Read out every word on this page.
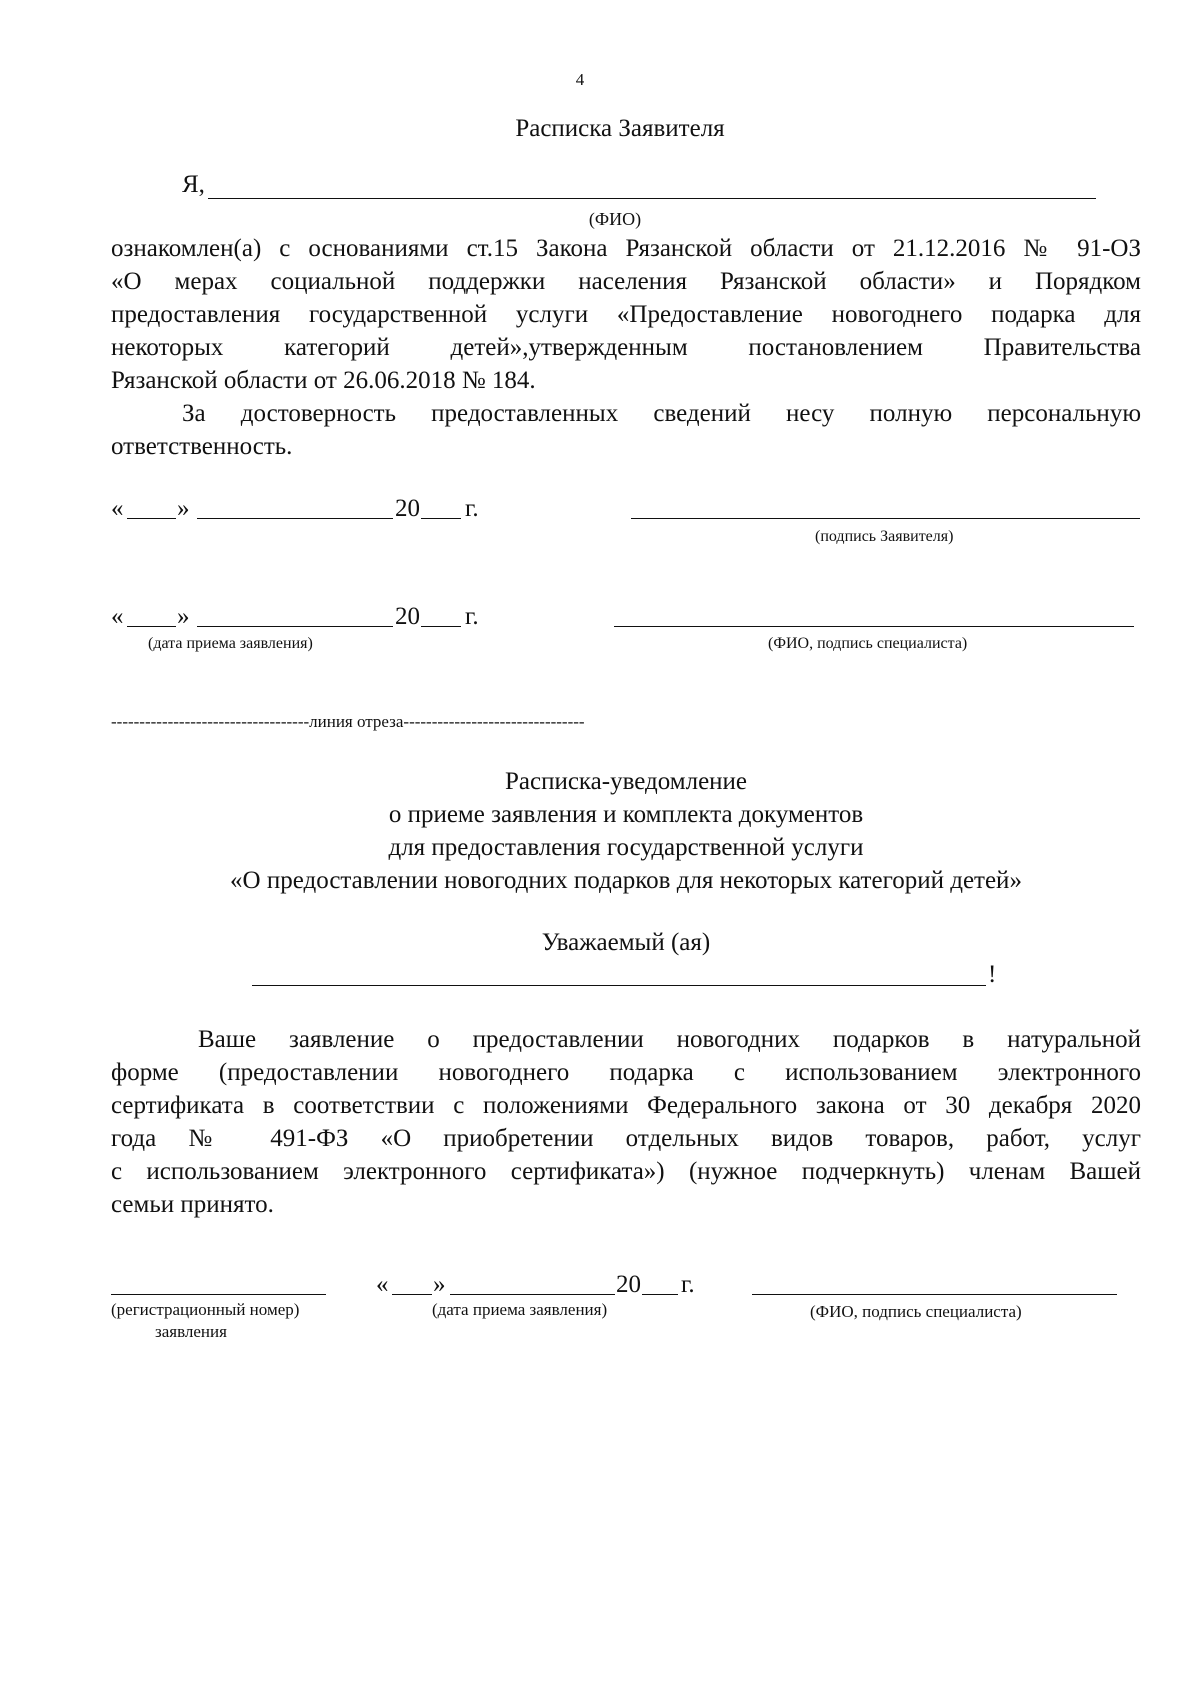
4
Расписка Заявителя
Я,
(ФИО)
ознакомлен(а) с основаниями ст.15 Закона Рязанской области от 21.12.2016 № 91-ОЗ
«О мерах социальной поддержки населения Рязанской области» и Порядком
предоставления государственной услуги «Предоставление новогоднего подарка для
некоторых категорий детей»,утвержденным постановлением Правительства
Рязанской области от 26.06.2018 № 184.
За достоверность предоставленных сведений несу полную персональную
ответственность.
« »	20 г.
(подпись Заявителя)
« »	20 г.
(дата приема заявления)	(ФИО, подпись специалиста)
-----------------------------------линия отреза--------------------------------
Расписка-уведомление
о приеме заявления и комплекта документов
для предоставления государственной услуги
«О предоставлении новогодних подарков для некоторых категорий детей»
Уважаемый (ая)
!
Ваше заявление о предоставлении новогодних подарков в натуральной
форме (предоставлении новогоднего подарка с использованием электронного
сертификата в соответствии с положениями Федерального закона от 30 декабря 2020
года № 491-ФЗ «О приобретении отдельных видов товаров, работ, услуг
с использованием электронного сертификата») (нужное подчеркнуть) членам Вашей
семьи принято.
(регистрационный номер)
заявления
« »	20 г.
(дата приема заявления)	(ФИО, подпись специалиста)
